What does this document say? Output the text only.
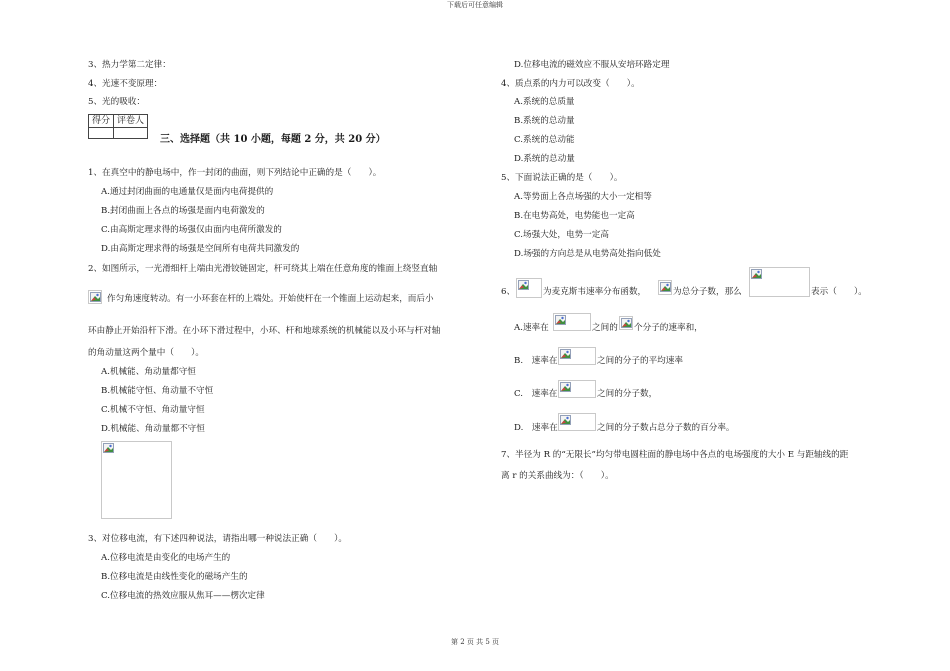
下载后可任意编辑
3、热力学第二定律：
4、光速不变原理：
5、光的吸收：
得分	评卷人

三、选择题（共 10 小题，每题 2 分，共 20 分）
1、在真空中的静电场中，作一封闭的曲面，则下列结论中正确的是（　　）。
A.通过封闭曲面的电通量仅是面内电荷提供的
B.封闭曲面上各点的场强是面内电荷激发的
C.由高斯定理求得的场强仅由面内电荷所激发的
D.由高斯定理求得的场强是空间所有电荷共同激发的
2、如图所示，一光滑细杆上端由光滑铰链固定，杆可绕其上端在任意角度的锥面上绕竖直轴
作匀角速度转动。有一小环套在杆的上端处。开始使杆在一个锥面上运动起来，而后小
环由静止开始沿杆下滑。在小环下滑过程中，小环、杆和地球系统的机械能以及小环与杆对轴
的角动量这两个量中（　　）。
A.机械能、角动量都守恒
B.机械能守恒、角动量不守恒
C.机械不守恒、角动量守恒
D.机械能、角动量都不守恒
3、对位移电流，有下述四种说法，请指出哪一种说法正确（　　）。
A.位移电流是由变化的电场产生的
B.位移电流是由线性变化的磁场产生的
C.位移电流的热效应服从焦耳——楞次定律
D.位移电流的磁效应不服从安培环路定理
4、质点系的内力可以改变（　　）。
A.系统的总质量
B.系统的总动量
C.系统的总动能
D.系统的总动量
5、下面说法正确的是（　　）。
A.等势面上各点场强的大小一定相等
B.在电势高处，电势能也一定高
C.场强大处，电势一定高
D.场强的方向总是从电势高处指向低处
6、	为麦克斯韦速率分布函数，	为总分子数，那么	表示（　　）。
A.速率在	之间的 个分子的速率和，
B.　速率在	之间的分子的平均速率
C.　速率在	之间的分子数，
D.　速率在	之间的分子数占总分子数的百分率。
7、半径为 R 的“无限长”均匀带电圆柱面的静电场中各点的电场强度的大小 E 与距轴线的距
离 r 的关系曲线为：（　　）。
第 2 页 共 5 页
